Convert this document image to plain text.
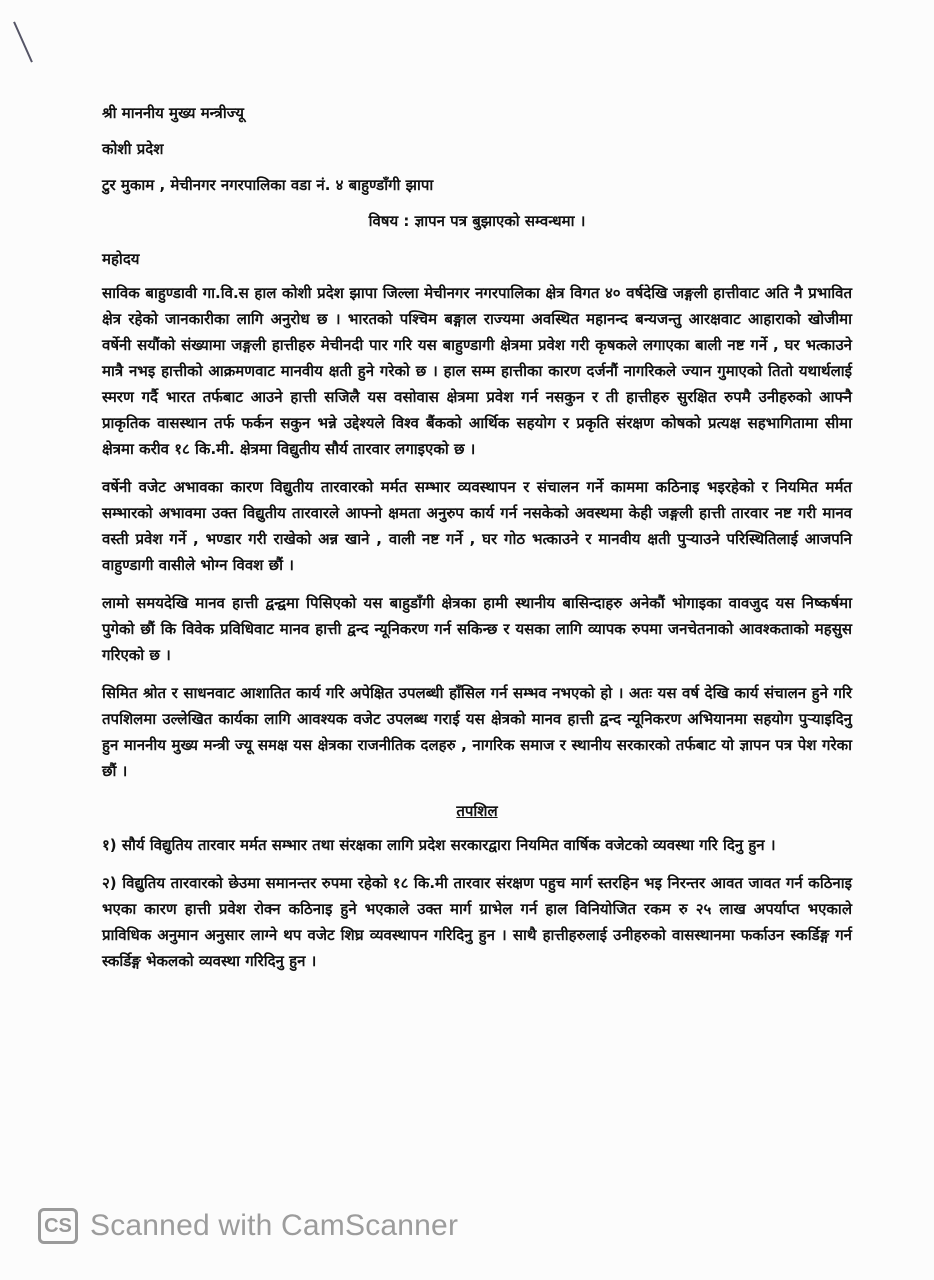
श्री माननीय मुख्य मन्त्रीज्यू
कोशी प्रदेश
टुर मुकाम , मेचीनगर नगरपालिका वडा नं. ४ बाहुण्डाँगी झापा
विषय : ज्ञापन पत्र बुझाएको सम्वन्धमा ।
महोदय
साविक बाहुण्डावी गा.वि.स हाल कोशी प्रदेश झापा जिल्ला मेचीनगर नगरपालिका क्षेत्र विगत ४० वर्षदेखि जङ्गली हात्तीवाट अति नै प्रभावित क्षेत्र रहेको जानकारीका लागि अनुरोध छ । भारतको पश्चिम बङ्गाल राज्यमा अवस्थित महानन्द बन्यजन्तु आरक्षवाट आहाराको खोजीमा वर्षेनी सयौंको संख्यामा जङ्गली हात्तीहरु मेचीनदी पार गरि यस बाहुण्डागी क्षेत्रमा प्रवेश गरी कृषकले लगाएका बाली नष्ट गर्ने , घर भत्काउने मात्रै नभइ हात्तीको आक्रमणवाट मानवीय क्षती हुने गरेको छ । हाल सम्म हात्तीका कारण दर्जनौं नागरिकले ज्यान गुमाएको तितो यथार्थलाई स्मरण गर्दै भारत तर्फबाट आउने हात्ती सजिलै यस वसोवास क्षेत्रमा प्रवेश गर्न नसकुन र ती हात्तीहरु सुरक्षित रुपमै उनीहरुको आफ्नै प्राकृतिक वासस्थान तर्फ फर्कन सकुन भन्ने उद्देश्यले विश्व बैंकको आर्थिक सहयोग र प्रकृति संरक्षण कोषको प्रत्यक्ष सहभागितामा सीमा क्षेत्रमा करीव १८ कि.मी. क्षेत्रमा विद्युतीय सौर्य तारवार लगाइएको छ ।
वर्षेनी वजेट अभावका कारण विद्युतीय तारवारको मर्मत सम्भार व्यवस्थापन र संचालन गर्ने काममा कठिनाइ भइरहेको र नियमित मर्मत सम्भारको अभावमा उक्त विद्युतीय तारवारले आफ्नो क्षमता अनुरुप कार्य गर्न नसकेको अवस्थमा केही जङ्गली हात्ती तारवार नष्ट गरी मानव वस्ती प्रवेश गर्ने , भण्डार गरी राखेको अन्न खाने , वाली नष्ट गर्ने , घर गोठ भत्काउने र मानवीय क्षती पुर्‍याउने परिस्थितिलाई आजपनि वाहुण्डागी वासीले भोग्न विवश छौं ।
लामो समयदेखि मानव हात्ती द्वन्द्वमा पिसिएको यस बाहुडाँगी क्षेत्रका हामी स्थानीय बासिन्दाहरु अनेकौं भोगाइका वावजुद यस निष्कर्षमा पुगेको छौं कि विवेक प्रविधिवाट मानव हात्ती द्वन्द न्यूनिकरण गर्न सकिन्छ र यसका लागि व्यापक रुपमा जनचेतनाको आवश्कताको महसुस गरिएको छ ।
सिमित श्रोत र साधनवाट आशातित कार्य गरि अपेक्षित उपलब्धी हाँसिल गर्न सम्भव नभएको हो । अतः यस वर्ष देखि कार्य संचालन हुने गरि तपशिलमा उल्लेखित कार्यका लागि आवश्यक वजेट उपलब्ध गराई यस क्षेत्रको मानव हात्ती द्वन्द न्यूनिकरण अभियानमा सहयोग पुर्‍याइदिनु हुन माननीय मुख्य मन्त्री ज्यू समक्ष यस क्षेत्रका राजनीतिक दलहरु , नागरिक समाज र स्थानीय सरकारको तर्फबाट यो ज्ञापन पत्र पेश गरेका छौं ।
तपशिल
१) सौर्य विद्युतिय तारवार मर्मत सम्भार तथा संरक्षका लागि प्रदेश सरकारद्वारा नियमित वार्षिक वजेटको व्यवस्था गरि दिनु हुन ।
२) विद्युतिय तारवारको छेउमा समानन्तर रुपमा रहेको १८ कि.मी तारवार संरक्षण पहुच मार्ग स्तरहिन भइ निरन्तर आवत जावत गर्न कठिनाइ भएका कारण हात्ती प्रवेश रोक्न कठिनाइ हुने भएकाले उक्त मार्ग ग्राभेल गर्न हाल विनियोजित रकम रु २५ लाख अपर्याप्त भएकाले प्राविधिक अनुमान अनुसार लाग्ने थप वजेट शिघ्र व्यवस्थापन गरिदिनु हुन । साथै हात्तीहरुलाई उनीहरुको वासस्थानमा फर्काउन स्कर्डिङ्ग गर्न स्कर्डिङ्ग भेकलको व्यवस्था गरिदिनु हुन ।
CS Scanned with CamScanner
